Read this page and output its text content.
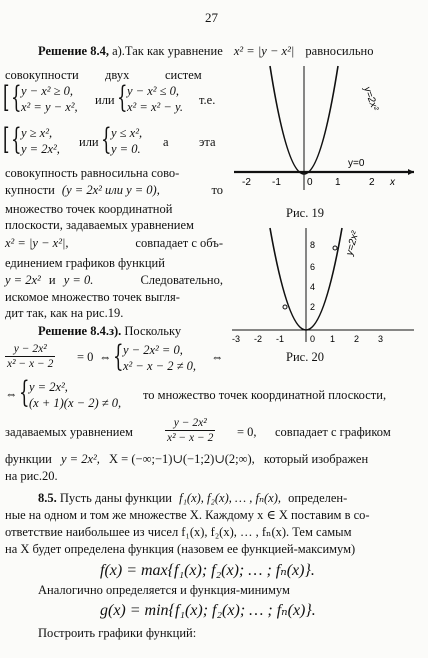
27
Решение 8.4, а).Так как уравнение x² = |y − x²| равносильно
совокупности двух	систем
[ { y − x² ≥ 0,
x² = y − x², или { y − x² ≤ 0,
x² = x² − y. т.е.
[ { y ≥ x²,
y = 2x², или { y ≤ x²,
y = 0. а эта
совокупность равносильна сово-
купности (y = 2x² или y = 0),	то
множество точек координатной
плоскости, задаваемых уравнением
x² = |y − x²|,	совпадает с объ-
единением графиков функций
y = 2x² и y = 0.	Следовательно,
искомое множество точек выгля-
дит так, как на рис.19.
y=0
y=2x²
-2 -1	0 1	2 x
Рис. 19
y=2x²
8
6
4
2
-3 -2 -1	0 1 2 3
Рис. 20
Решение 8.4.з). Поскольку
$\frac{\text{y − 2x²}}{\text{x² − x − 2}} = 0$ ⇔ { y − 2x² = 0,
x² − x − 2 ≠ 0,
⇔
⇔ { y = 2x²,
(x + 1)(x − 2) ≠ 0,
то множество точек координатной плоскости,
задаваемых уравнением	$\frac{\text{y − 2x²}}{\text{x² − x − 2}} = 0$, совпадает с графиком
функции y = 2x², X = (−∞;−1)∪(−1;2)∪(2;∞), который изображен
на рис.20.
8.5. Пусть даны функции f₁(x), f₂(x), … , fₙ(x), определен-
ные на одном и том же множестве X. Каждому x ∈ X поставим в со-
ответствие наибольшее из чисел f₁(x), f₂(x), … , fₙ(x). Тем самым
на X будет определена функция (назовем ее функцией-максимум)
f(x) = max{f₁(x); f₂(x); … ; fₙ(x)}.
Аналогично определяется и функция-минимум
g(x) = min{f₁(x); f₂(x); … ; fₙ(x)}.
Построить графики функций:
